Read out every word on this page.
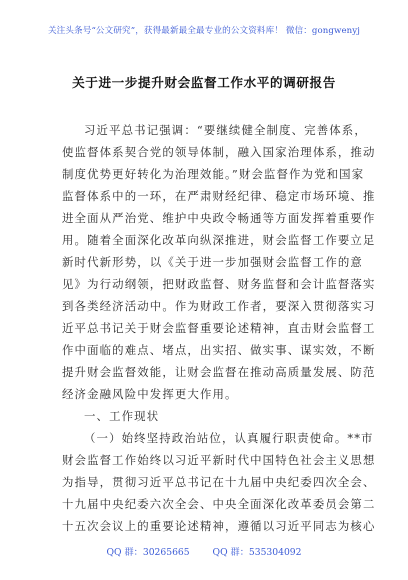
关注头条号“公文研究”，获得最新最全最专业的公文资料库！ 微信：gongwenyj
关于进一步提升财会监督工作水平的调研报告
习近平总书记强调：“要继续健全制度、完善体系，
使监督体系契合党的领导体制，融入国家治理体系，推动
制度优势更好转化为治理效能。”财会监督作为党和国家
监督体系中的一环，在严肃财经纪律、稳定市场环境、推
进全面从严治党、维护中央政令畅通等方面发挥着重要作
用。随着全面深化改革向纵深推进，财会监督工作要立足
新时代新形势，以《关于进一步加强财会监督工作的意
见》为行动纲领，把财政监督、财务监督和会计监督落实
到各类经济活动中。作为财政工作者，要深入贯彻落实习
近平总书记关于财会监督重要论述精神，直击财会监督工
作中面临的难点、堵点，出实招、做实事、谋实效，不断
提升财会监督效能，让财会监督在推动高质量发展、防范
经济金融风险中发挥更大作用。
一、工作现状
（一）始终坚持政治站位，认真履行职责使命。**市
财会监督工作始终以习近平新时代中国特色社会主义思想
为指导，贯彻习近平总书记在十九届中央纪委四次全会、
十九届中央纪委六次全会、中央全面深化改革委员会第二
十五次会议上的重要论述精神，遵循以习近平同志为核心
QQ 群：30265665 QQ 群：535304092
